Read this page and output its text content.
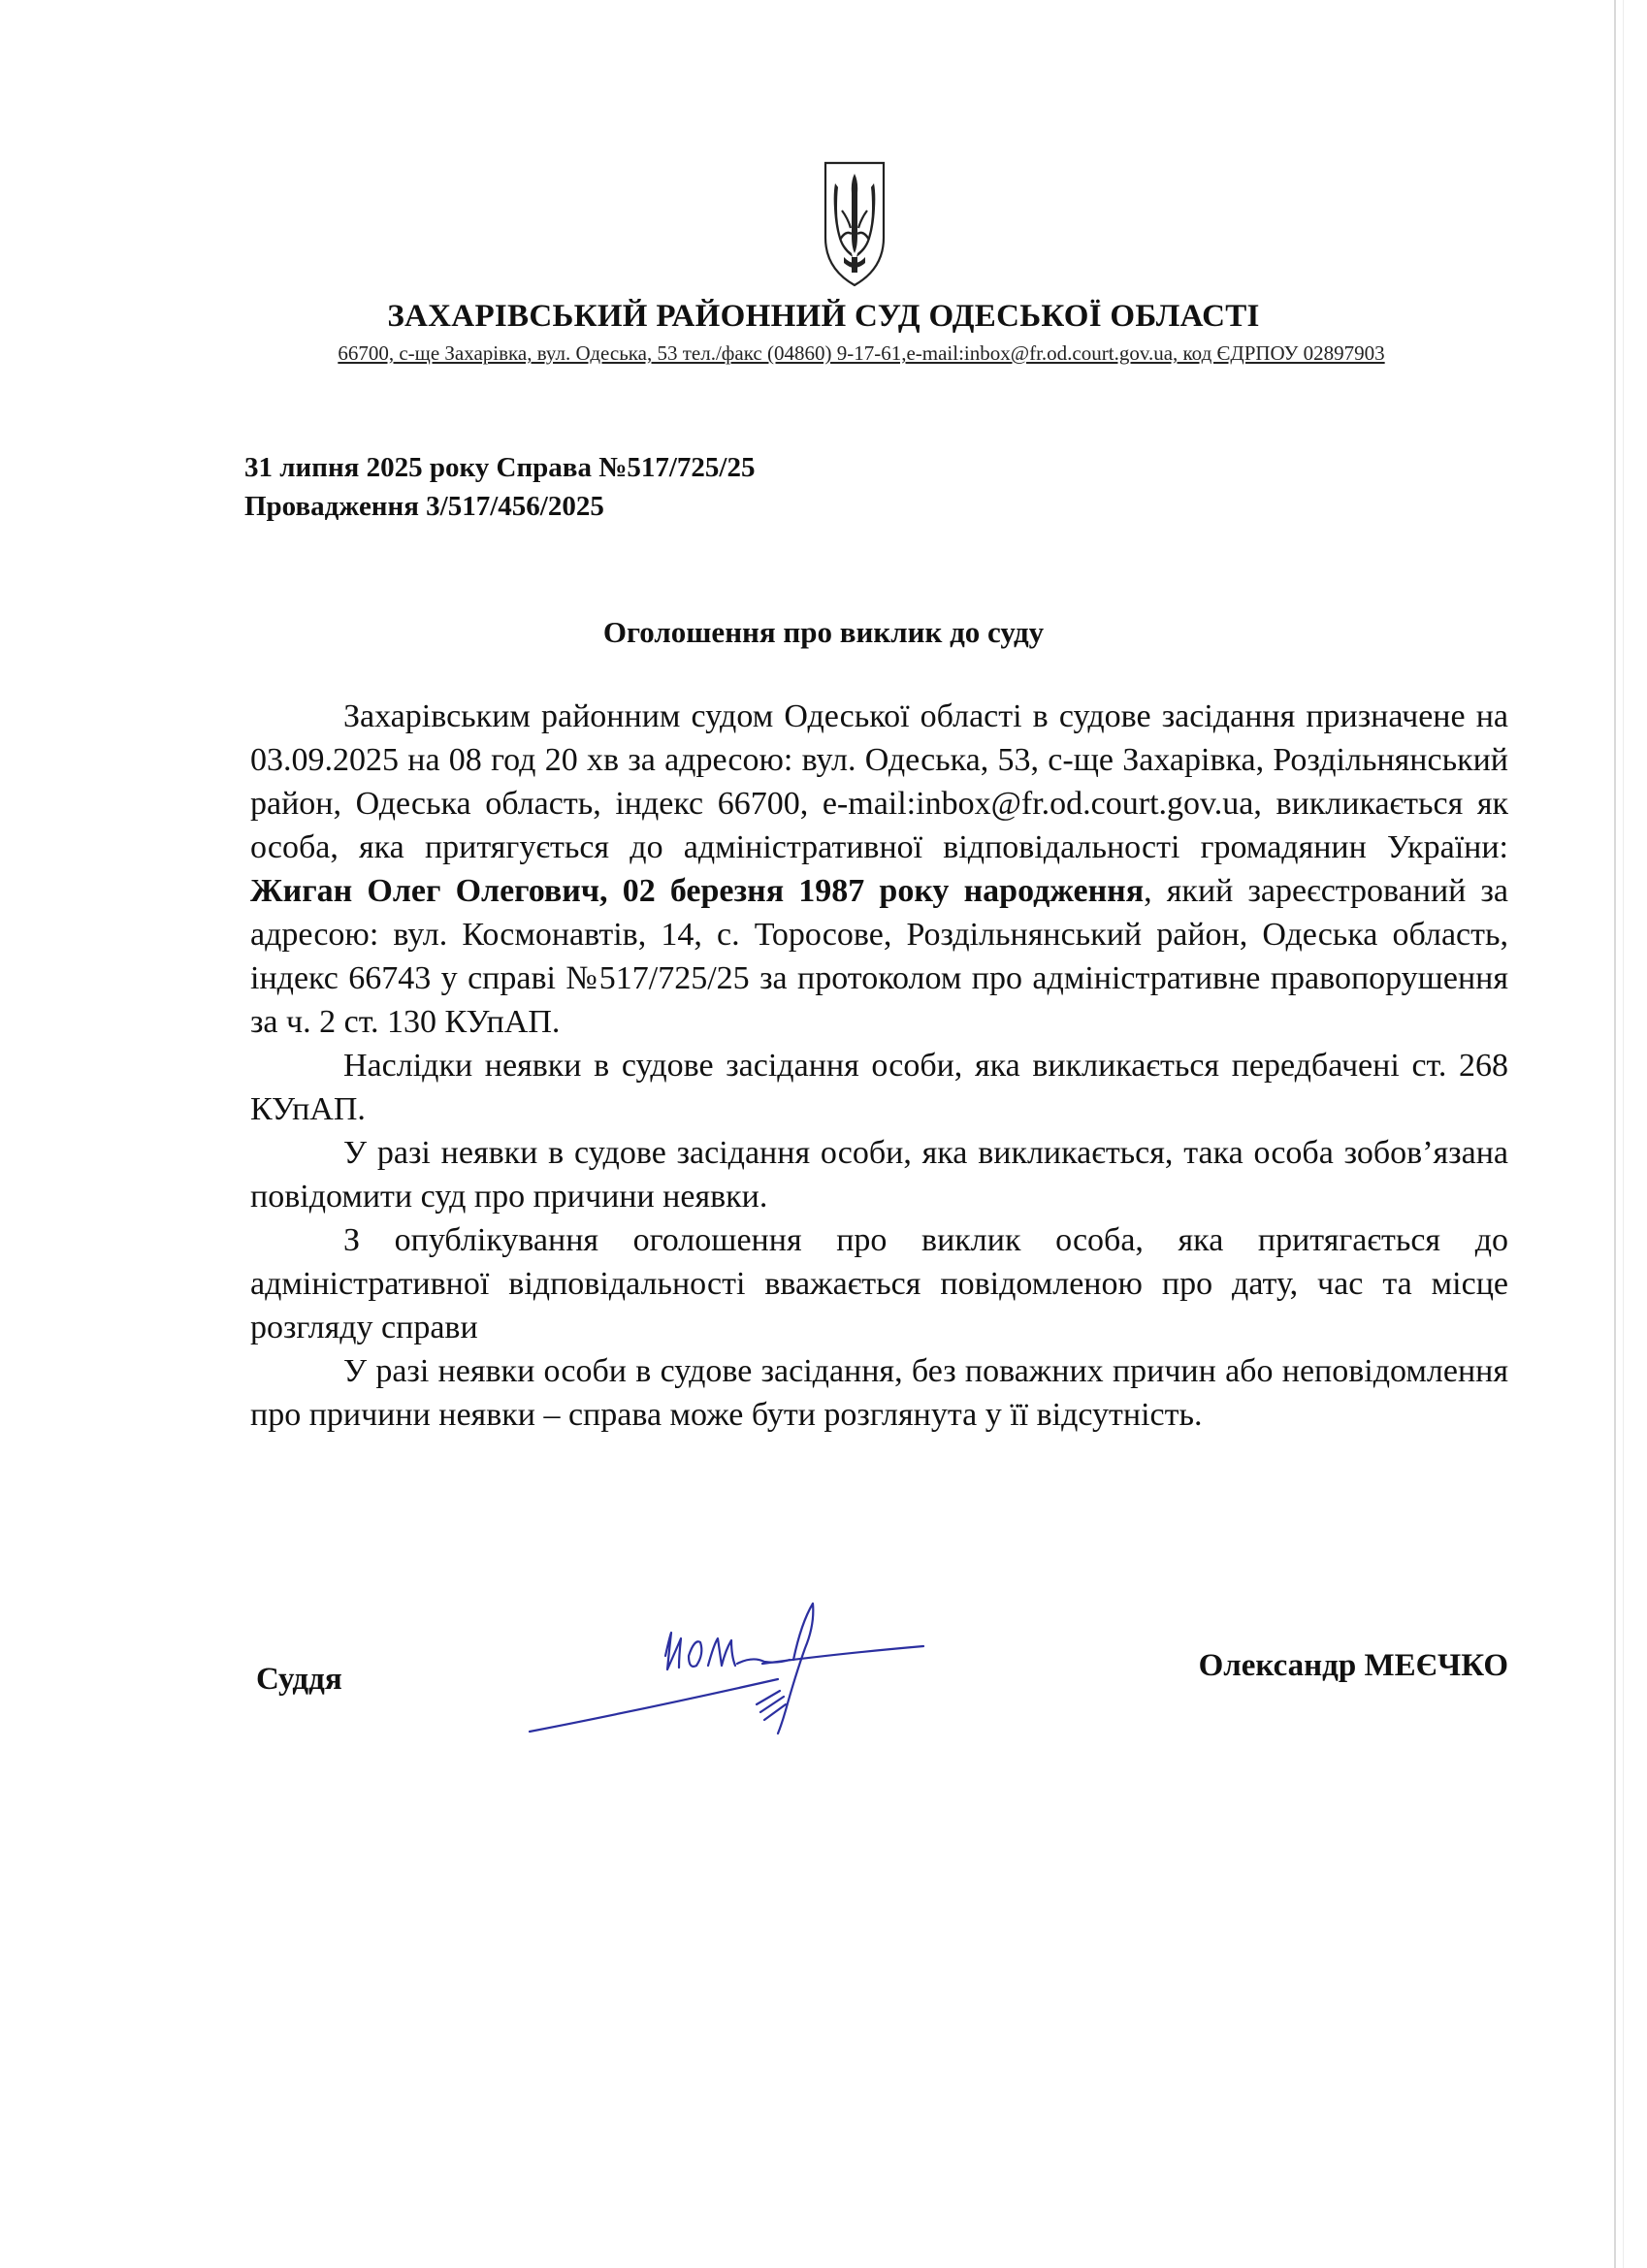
ЗАХАРІВСЬКИЙ РАЙОННИЙ СУД ОДЕСЬКОЇ ОБЛАСТІ
66700, с-ще Захарівка, вул. Одеська, 53 тел./факс (04860) 9-17-61,e-mail:inbox@fr.od.court.gov.ua, код ЄДРПОУ 02897903
31 липня 2025 року Справа №517/725/25
Провадження 3/517/456/2025
Оголошення про виклик до суду

Захарівським районним судом Одеської області в судове засідання призначене на 03.09.2025 на 08 год 20 хв за адресою: вул. Одеська, 53, с-ще Захарівка, Роздільнянський район, Одеська область, індекс 66700, e-mail:inbox@fr.od.court.gov.ua, викликається як особа, яка притягується до адміністративної відповідальності громадянин України: Жиган Олег Олегович, 02 березня 1987 року народження, який зареєстрований за адресою: вул. Космонавтів, 14, с. Торосове, Роздільнянський район, Одеська область, індекс 66743 у справі №517/725/25 за протоколом про адміністративне правопорушення за ч. 2 ст. 130 КУпАП.

Наслідки неявки в судове засідання особи, яка викликається передбачені ст. 268 КУпАП.

У разі неявки в судове засідання особи, яка викликається, така особа зобов’язана повідомити суд про причини неявки.

З опублікування оголошення про виклик особа, яка притягається до адміністративної відповідальності вважається повідомленою про дату, час та місце розгляду справи

У разі неявки особи в судове засідання, без поважних причин або неповідомлення про причини неявки – справа може бути розглянута у її відсутність.

Суддя	Олександр МЕЄЧКО
